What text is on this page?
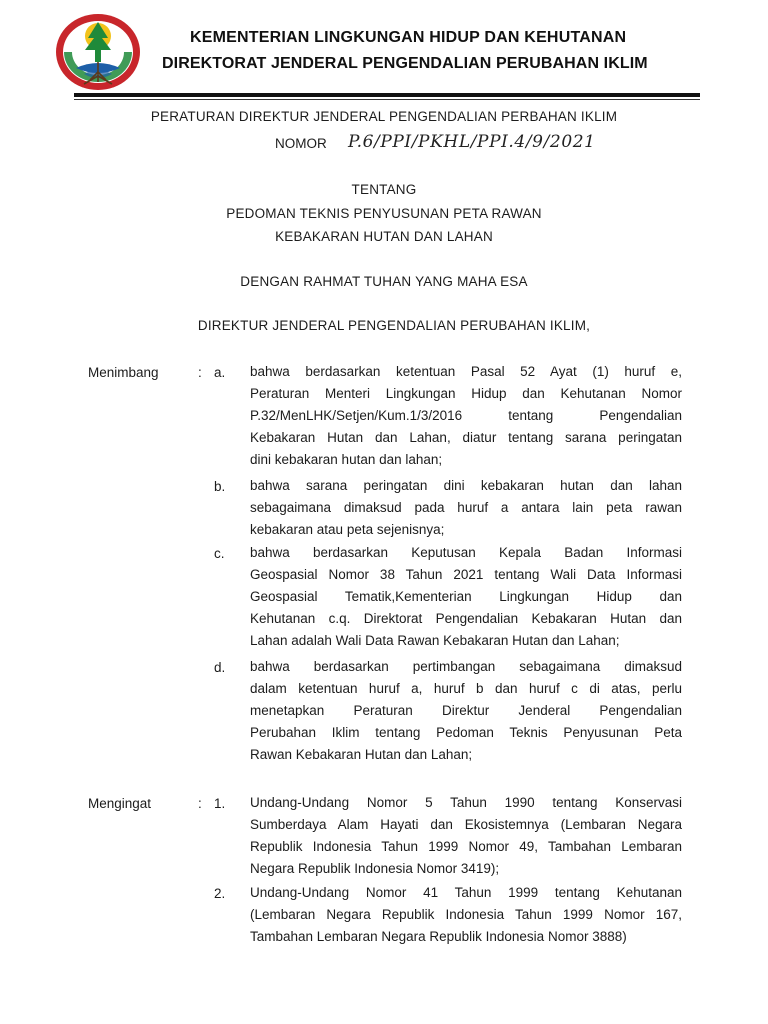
KEMENTERIAN LINGKUNGAN HIDUP DAN KEHUTANAN
DIREKTORAT JENDERAL PENGENDALIAN PERUBAHAN IKLIM
PERATURAN DIREKTUR JENDERAL PENGENDALIAN PERBAHAN IKLIM
NOMOR P.6/PPI/PKHL/PPI.4/9/2021
TENTANG
PEDOMAN TEKNIS PENYUSUNAN PETA RAWAN
KEBAKARAN HUTAN DAN LAHAN
DENGAN RAHMAT TUHAN YANG MAHA ESA
DIREKTUR JENDERAL PENGENDALIAN PERUBAHAN IKLIM,
Menimbang	: a. bahwa berdasarkan ketentuan Pasal 52 Ayat (1) huruf e,
Peraturan Menteri Lingkungan Hidup dan Kehutanan Nomor
P.32/MenLHK/Setjen/Kum.1/3/2016 tentang Pengendalian
Kebakaran Hutan dan Lahan, diatur tentang sarana peringatan
dini kebakaran hutan dan lahan;
b. bahwa sarana peringatan dini kebakaran hutan dan lahan
sebagaimana dimaksud pada huruf a antara lain peta rawan
kebakaran atau peta sejenisnya;
c. bahwa berdasarkan Keputusan Kepala Badan Informasi
Geospasial Nomor 38 Tahun 2021 tentang Wali Data Informasi
Geospasial Tematik,Kementerian Lingkungan Hidup dan
Kehutanan c.q. Direktorat Pengendalian Kebakaran Hutan dan
Lahan adalah Wali Data Rawan Kebakaran Hutan dan Lahan;
d. bahwa berdasarkan pertimbangan sebagaimana dimaksud
dalam ketentuan huruf a, huruf b dan huruf c di atas, perlu
menetapkan Peraturan Direktur Jenderal Pengendalian
Perubahan Iklim tentang Pedoman Teknis Penyusunan Peta
Rawan Kebakaran Hutan dan Lahan;
Mengingat	: 1. Undang-Undang Nomor 5 Tahun 1990 tentang Konservasi
Sumberdaya Alam Hayati dan Ekosistemnya (Lembaran Negara
Republik Indonesia Tahun 1999 Nomor 49, Tambahan Lembaran
Negara Republik Indonesia Nomor 3419);
2. Undang-Undang Nomor 41 Tahun 1999 tentang Kehutanan
(Lembaran Negara Republik Indonesia Tahun 1999 Nomor 167,
Tambahan Lembaran Negara Republik Indonesia Nomor 3888)
